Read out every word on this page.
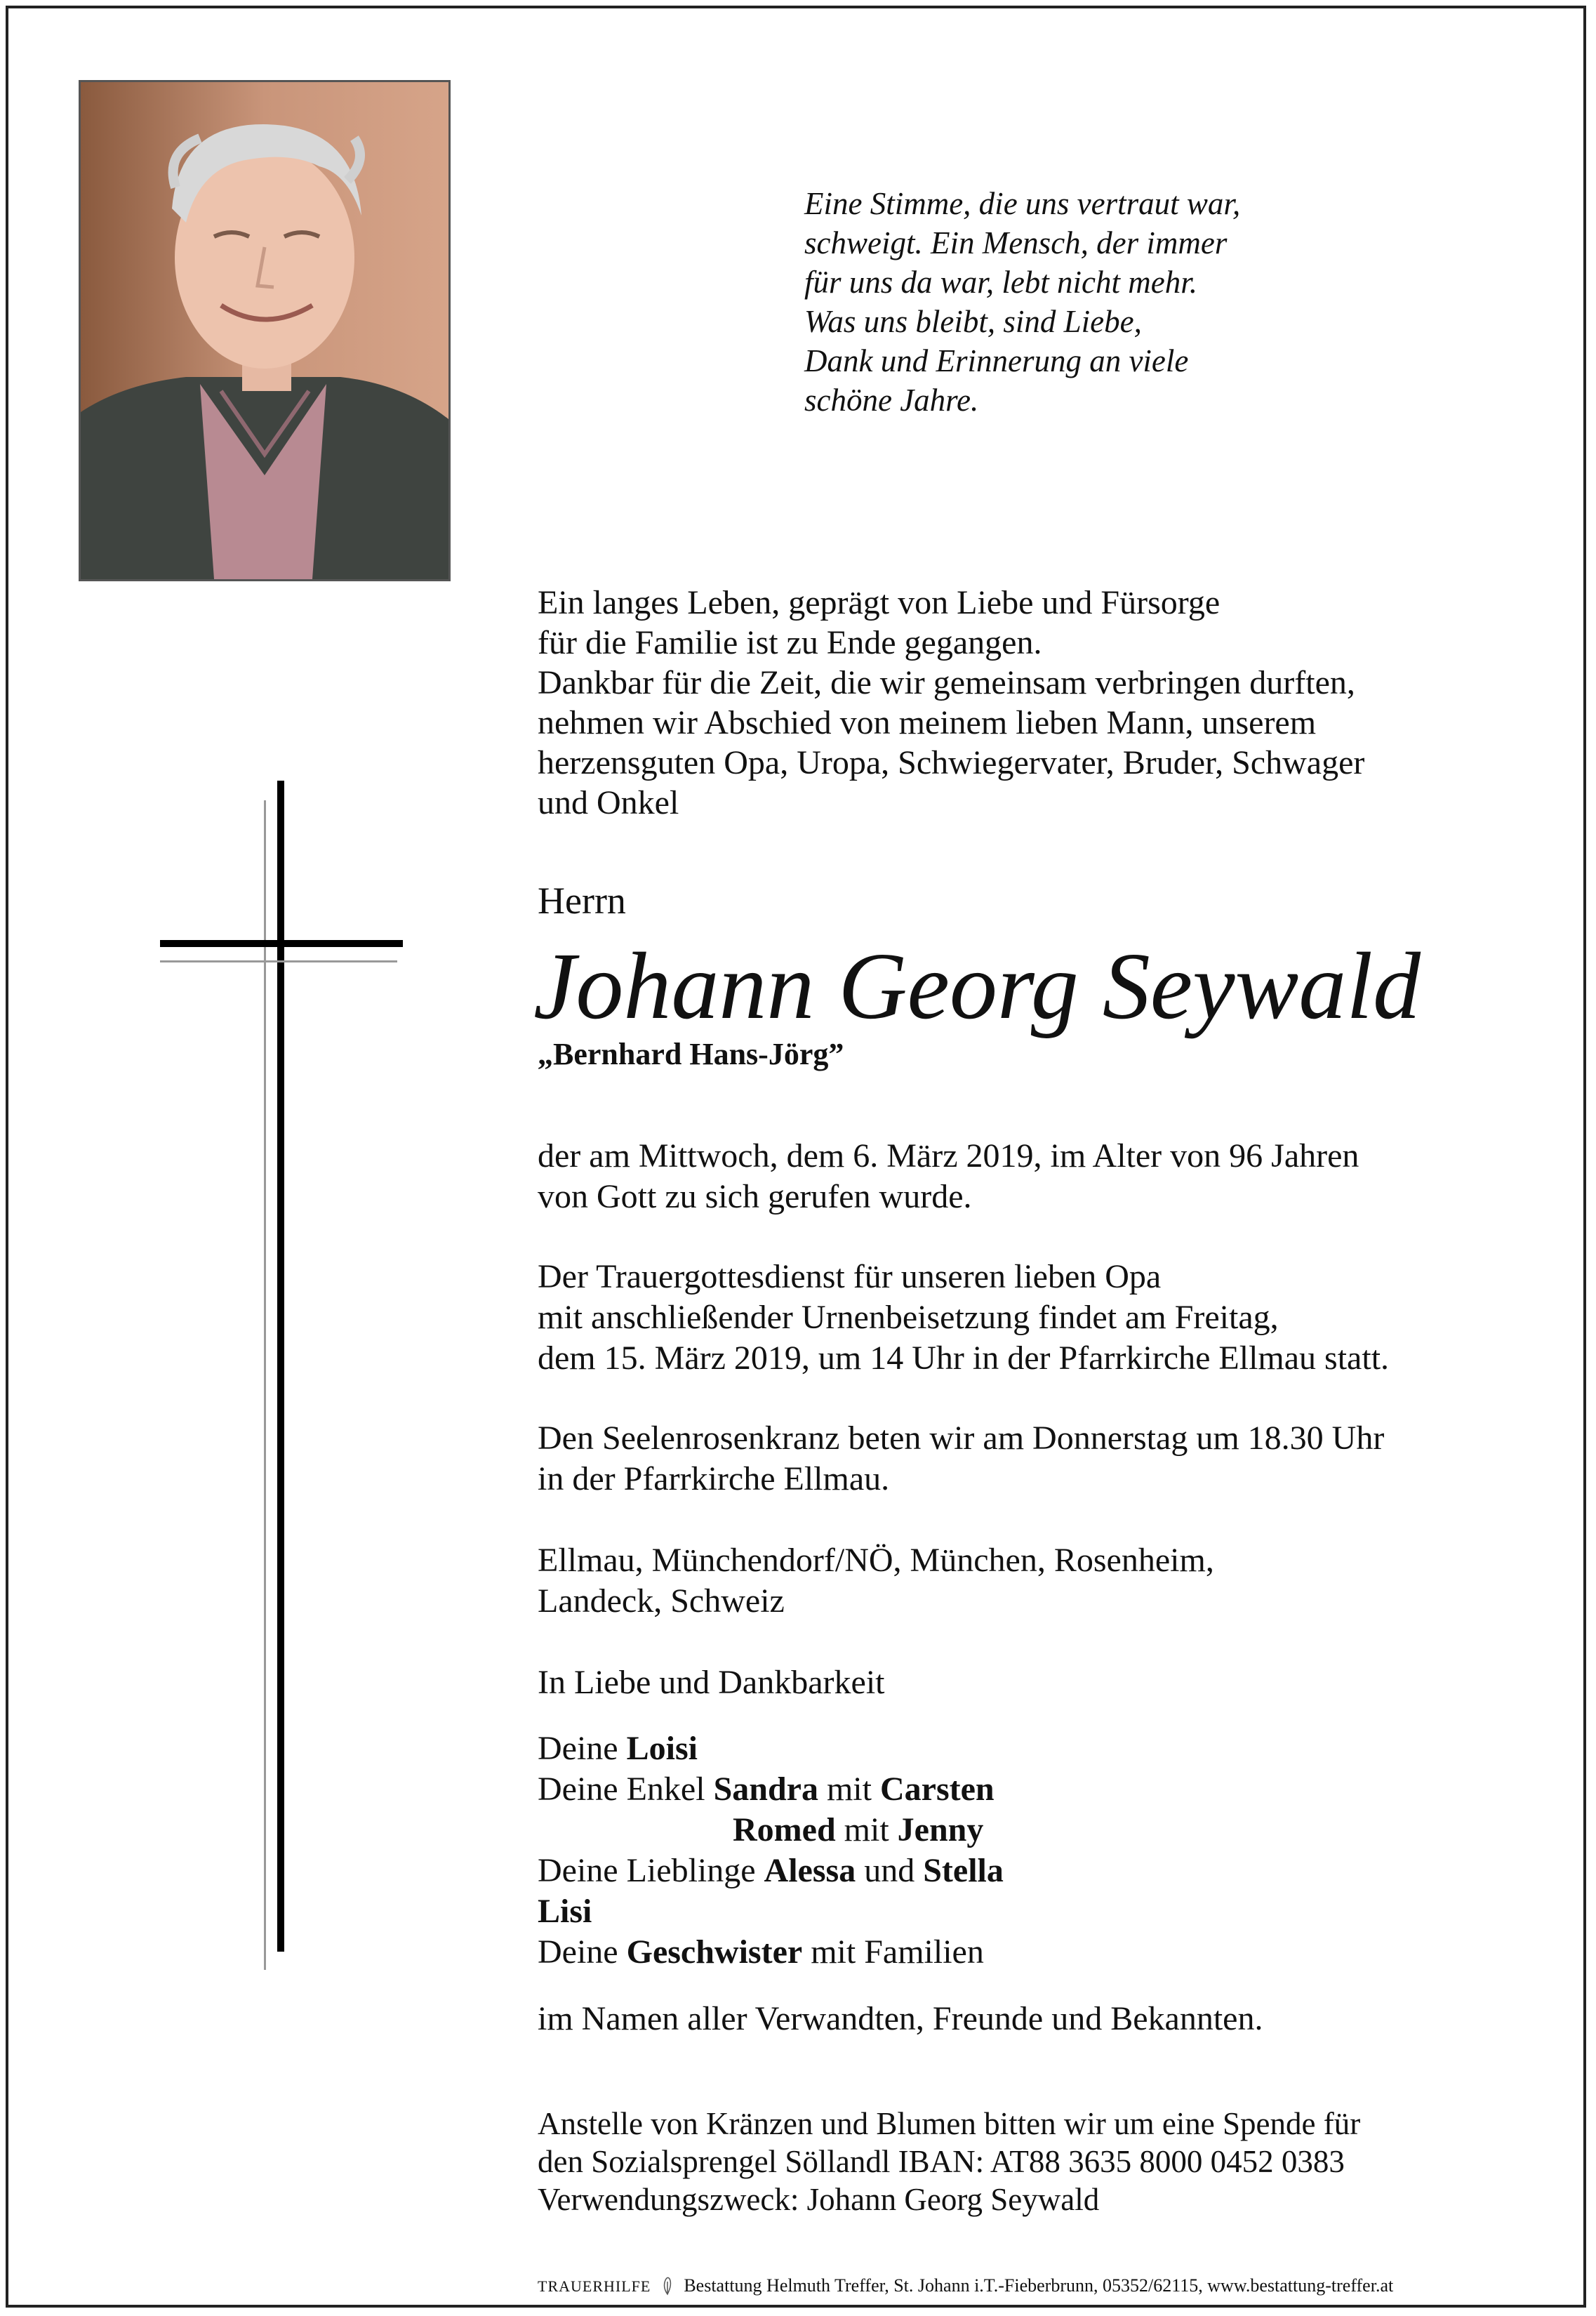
Eine Stimme, die uns vertraut war,
schweigt. Ein Mensch, der immer
für uns da war, lebt nicht mehr.
Was uns bleibt, sind Liebe,
Dank und Erinnerung an viele
schöne Jahre.
Ein langes Leben, geprägt von Liebe und Fürsorge
für die Familie ist zu Ende gegangen.
Dankbar für die Zeit, die wir gemeinsam verbringen durften,
nehmen wir Abschied von meinem lieben Mann, unserem
herzensguten Opa, Uropa, Schwiegervater, Bruder, Schwager
und Onkel
Herrn
Johann Georg Seywald
„Bernhard Hans-Jörg”
der am Mittwoch, dem 6. März 2019, im Alter von 96 Jahren
von Gott zu sich gerufen wurde.
Der Trauergottesdienst für unseren lieben Opa
mit anschließender Urnenbeisetzung findet am Freitag,
dem 15. März 2019, um 14 Uhr in der Pfarrkirche Ellmau statt.
Den Seelenrosenkranz beten wir am Donnerstag um 18.30 Uhr
in der Pfarrkirche Ellmau.
Ellmau, Münchendorf/NÖ, München, Rosenheim,
Landeck, Schweiz
In Liebe und Dankbarkeit
Deine Loisi
Deine Enkel Sandra mit Carsten
Romed mit Jenny
Deine Lieblinge Alessa und Stella
Lisi
Deine Geschwister mit Familien
im Namen aller Verwandten, Freunde und Bekannten.
Anstelle von Kränzen und Blumen bitten wir um eine Spende für
den Sozialsprengel Söllandl IBAN: AT88 3635 8000 0452 0383
Verwendungszweck: Johann Georg Seywald
TRAUERHILFE Bestattung Helmuth Treffer, St. Johann i.T.-Fieberbrunn, 05352/62115, www.bestattung-treffer.at
